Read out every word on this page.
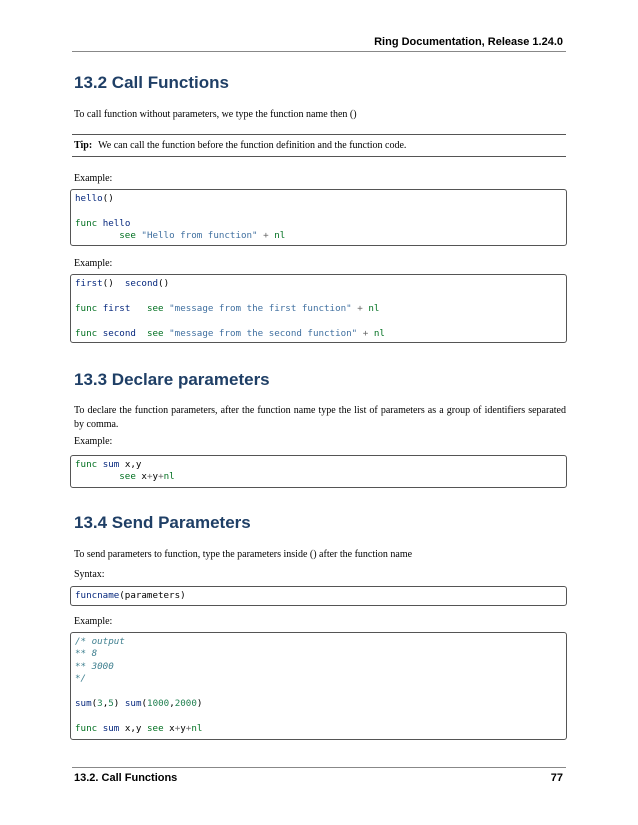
Ring Documentation, Release 1.24.0
13.2 Call Functions

To call function without parameters, we type the function name then ()

Tip: We can call the function before the function definition and the function code.

Example:

hello()

func hello
see "Hello from function" + nl

Example:

first() second()

func first see "message from the first function" + nl

func second see "message from the second function" + nl
13.3 Declare parameters

To declare the function parameters, after the function name type the list of parameters as a group of identifiers separated by comma.

Example:

func sum x,y
see x+y+nl
13.4 Send Parameters

To send parameters to function, type the parameters inside () after the function name

Syntax:

funcname(parameters)

Example:

/* output
** 8
** 3000
*/

sum(3,5) sum(1000,2000)

func sum x,y see x+y+nl
13.2. Call Functions	77
